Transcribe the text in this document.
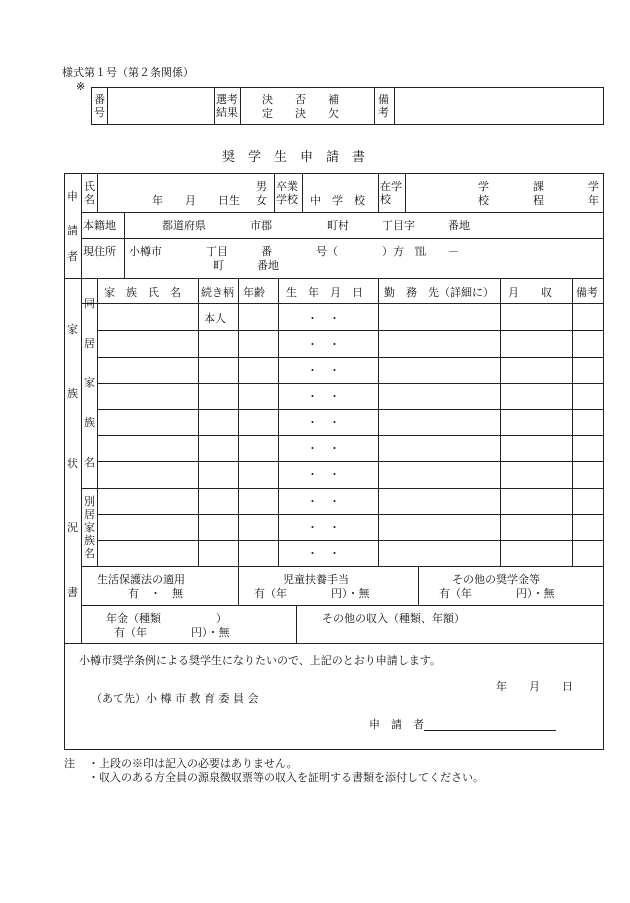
様式第１号（第２条関係）
※
番号
選考結果
決　　否　　補
定　　決　　欠
備考
奨　学　生　申　請　書
申
請
者
氏名
男
女
年　　月　　日生
卒業学校 中　学　校
在学校
学　　　　課　　　　学
校　　　　程　　　　年
本籍地	都道府県　　　　市郡　　　　　町村　　　丁目字　　　番地
現住所 小樽市　　　　丁目　　　番　　　　号（　　　　）方　℡　　－
町　　　番地
家
族
状
況
書
同
居
家
族
名
別居家族名
家　族　氏　名 続き柄 年齢 生　年　月　日 勤　務　先（詳細に） 月　　収 備考
本人	・　・
・　・
・　・
・　・
・　・
・　・
・　・
・　・
・　・
・　・
生活保護法の適用
有　・　無
児童扶養手当
有（年　　　　円）・無
その他の奨学金等
有（年　　　　円）・無
年金（種類　　　　　）
有（年　　　　円）・無
その他の収入（種類、年額）
小樽市奨学条例による奨学生になりたいので、上記のとおり申請します。
年　　月　　日
（あて先）小 樽 市 教 育 委 員 会
申　請　者
注 ・上段の※印は記入の必要はありません。
・収入のある方全員の源泉徴収票等の収入を証明する書類を添付してください。
